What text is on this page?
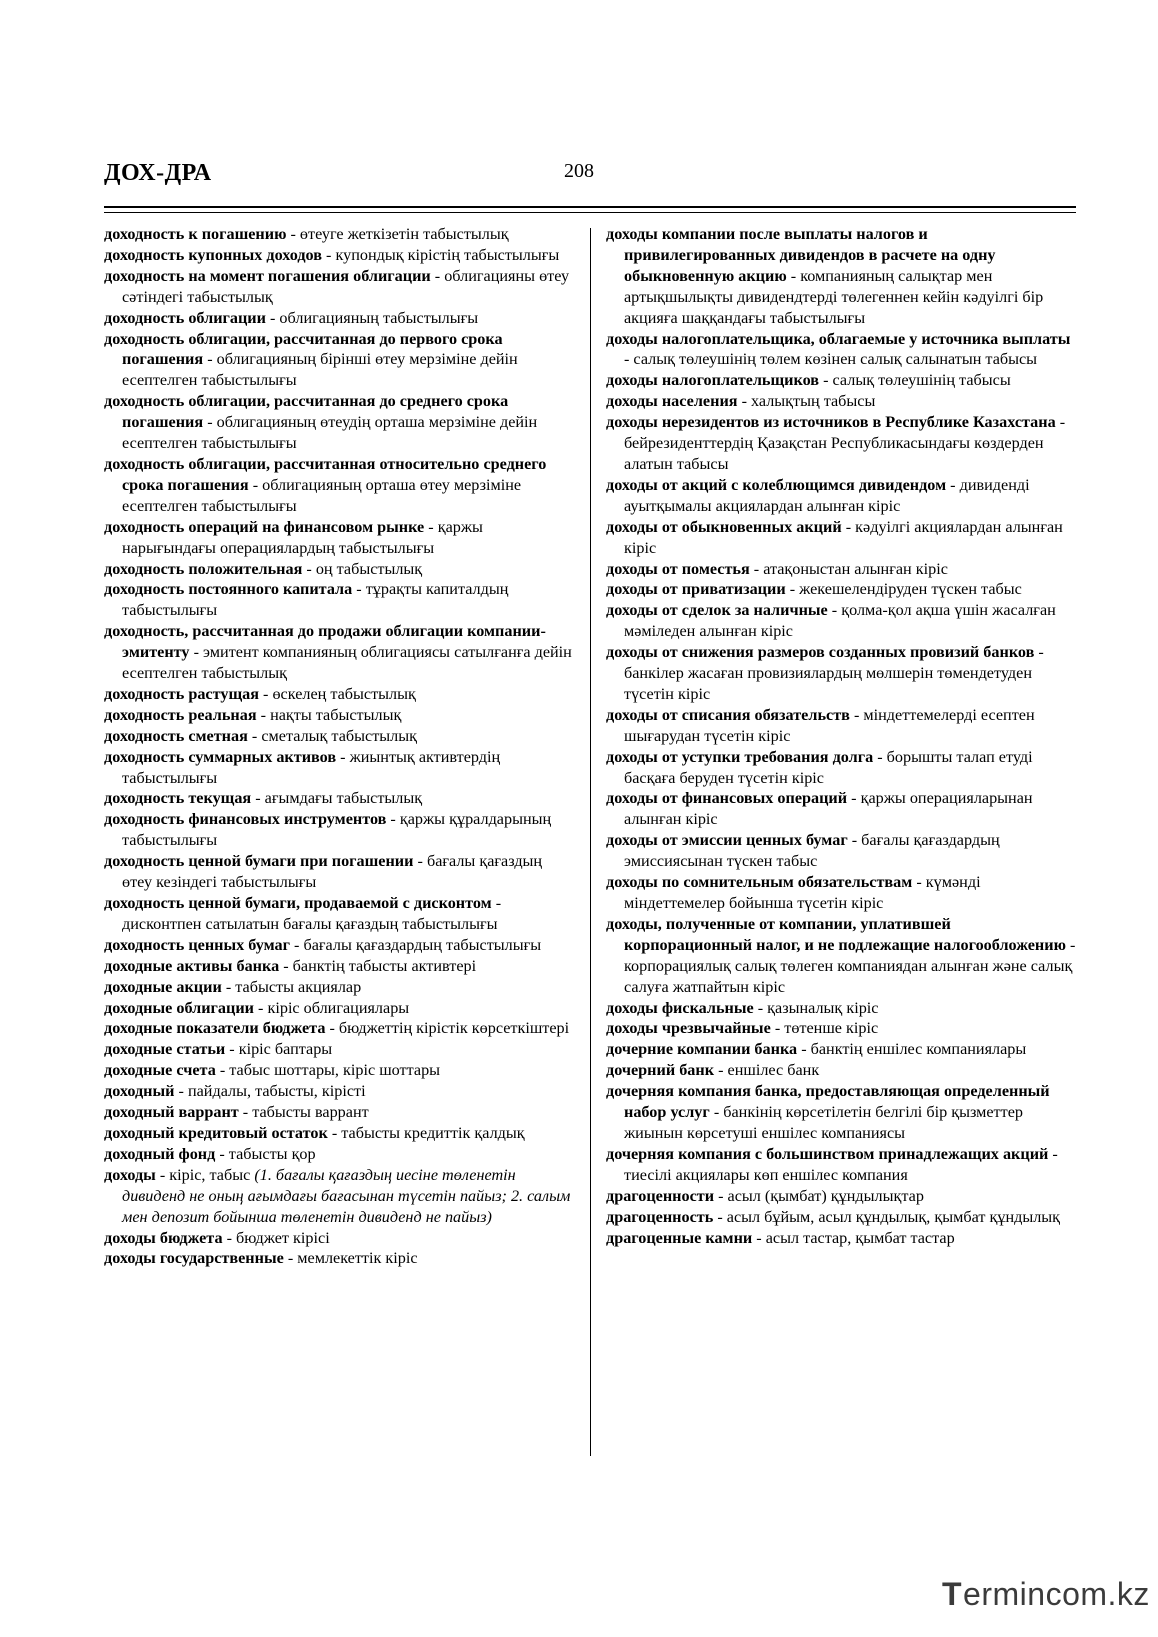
ДОХ-ДРА	208
доходность к погашению - өтеуге жеткізетін табыстылық
доходность купонных доходов - купондық кірістің табыстылығы
доходность на момент погашения облигации - облигацияны өтеу сәтіндегі табыстылық
доходность облигации - облигацияның табыстылығы
доходность облигации, рассчитанная до первого срока погашения - облигацияның бірінші өтеу мерзіміне дейін есептелген табыстылығы
доходность облигации, рассчитанная до среднего срока погашения - облигацияның өтеудің орташа мерзіміне дейін есептелген табыстылығы
доходность облигации, рассчитанная относительно среднего срока погашения - облигацияның орташа өтеу мерзіміне есептелген табыстылығы
доходность операций на финансовом рынке - қаржы нарығындағы операциялардың табыстылығы
доходность положительная - оң табыстылық
доходность постоянного капитала - тұрақты капиталдың табыстылығы
доходность, рассчитанная до продажи облигации компании-эмитенту - эмитент компанияның облигациясы сатылғанға дейін есептелген табыстылық
доходность растущая - өскелең табыстылық
доходность реальная - нақты табыстылық
доходность сметная - сметалық табыстылық
доходность суммарных активов - жиынтық активтердің табыстылығы
доходность текущая - ағымдағы табыстылық
доходность финансовых инструментов - қаржы құралдарының табыстылығы
доходность ценной бумаги при погашении - бағалы қағаздың өтеу кезіндегі табыстылығы
доходность ценной бумаги, продаваемой с дисконтом - дисконтпен сатылатын бағалы қағаздың табыстылығы
доходность ценных бумаг - бағалы қағаздардың табыстылығы
доходные активы банка - банктің табысты активтері
доходные акции - табысты акциялар
доходные облигации - кіріс облигациялары
доходные показатели бюджета - бюджеттің кірістік көрсеткіштері
доходные статьи - кіріс баптары
доходные счета - табыс шоттары, кіріс шоттары
доходный - пайдалы, табысты, кірісті
доходный варрант - табысты варрант
доходный кредитовый остаток - табысты кредиттік қалдық
доходный фонд - табысты қор
доходы - кіріс, табыс (1. бағалы қағаздың иесіне төленетін дивиденд не оның ағымдағы бағасынан түсетін пайыз; 2. салым мен депозит бойынша төленетін дивиденд не пайыз)
доходы бюджета - бюджет кірісі
доходы государственные - мемлекеттік кіріс
доходы компании после выплаты налогов и привилегированных дивидендов в расчете на одну обыкновенную акцию - компанияның салықтар мен артықшылықты дивидендтерді төлегеннен кейін кәдуілгі бір акцияға шаққандағы табыстылығы
доходы налогоплательщика, облагаемые у источника выплаты - салық төлеушінің төлем көзінен салық салынатын табысы
доходы налогоплательщиков - салық төлеушінің табысы
доходы населения - халықтың табысы
доходы нерезидентов из источников в Республике Казахстана - бейрезиденттердің Қазақстан Республикасындағы көздерден алатын табысы
доходы от акций с колеблющимся дивидендом - дивиденді ауытқымалы акциялардан алынған кіріс
доходы от обыкновенных акций - кәдуілгі акциялардан алынған кіріс
доходы от поместья - атақоныстан алынған кіріс
доходы от приватизации - жекешелендіруден түскен табыс
доходы от сделок за наличные - қолма-қол ақша үшін жасалған мәміледен алынған кіріс
доходы от снижения размеров созданных провизий банков - банкілер жасаған провизиялардың мөлшерін төмендетуден түсетін кіріс
доходы от списания обязательств - міндеттемелерді есептен шығарудан түсетін кіріс
доходы от уступки требования долга - борышты талап етуді басқаға беруден түсетін кіріс
доходы от финансовых операций - қаржы операцияларынан алынған кіріс
доходы от эмиссии ценных бумаг - бағалы қағаздардың эмиссиясынан түскен табыс
доходы по сомнительным обязательствам - күмәнді міндеттемелер бойынша түсетін кіріс
доходы, полученные от компании, уплатившей корпорационный налог, и не подлежащие налогообложению - корпорациялық салық төлеген компаниядан алынған және салық салуға жатпайтын кіріс
доходы фискальные - қазыналық кіріс
доходы чрезвычайные - төтенше кіріс
дочерние компании банка - банктің еншілес компаниялары
дочерний банк - еншілес банк
дочерняя компания банка, предоставляющая определенный набор услуг - банкінің көрсетілетін белгілі бір қызметтер жиынын көрсетуші еншілес компаниясы
дочерняя компания с большинством принадлежащих акций - тиесілі акциялары көп еншілес компания
драгоценности - асыл (қымбат) құндылықтар
драгоценность - асыл бұйым, асыл құндылық, қымбат құндылық
драгоценные камни - асыл тастар, қымбат тастар
Termincom.kz
